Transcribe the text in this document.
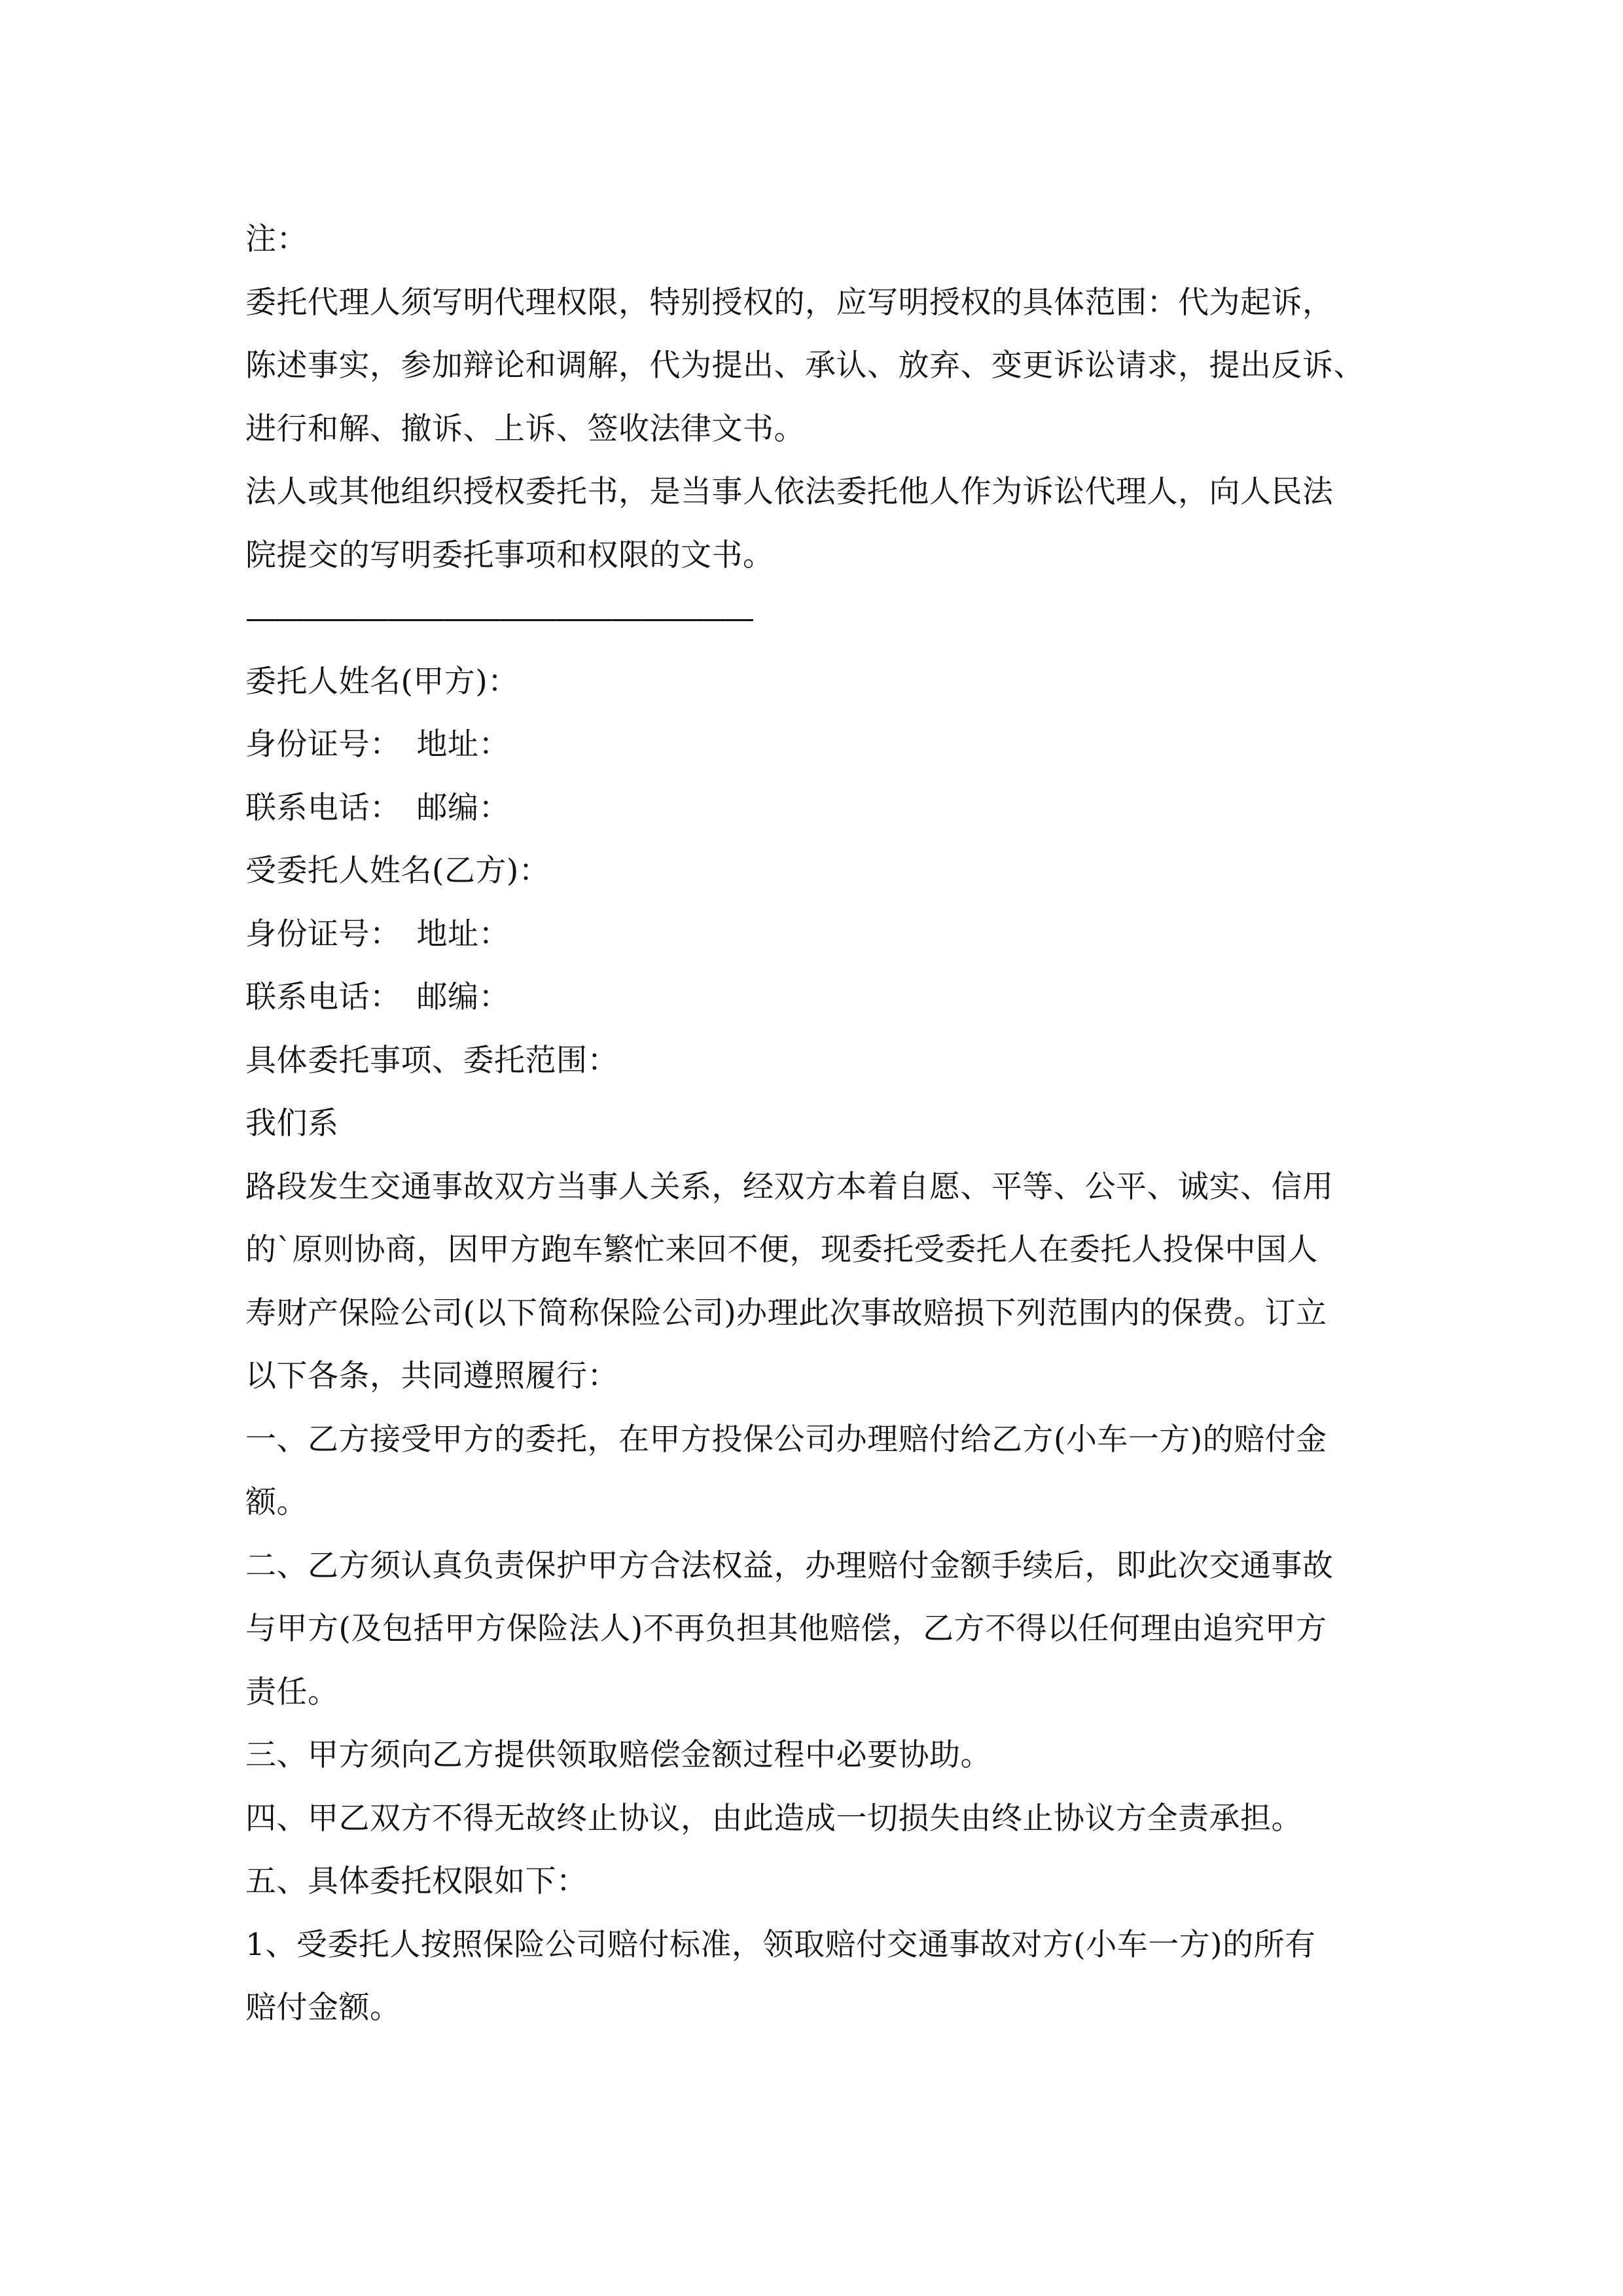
注：
委托代理人须写明代理权限，特别授权的，应写明授权的具体范围：代为起诉，
陈述事实，参加辩论和调解，代为提出、承认、放弃、变更诉讼请求，提出反诉、
进行和解、撤诉、上诉、签收法律文书。
法人或其他组织授权委托书，是当事人依法委托他人作为诉讼代理人，向人民法
院提交的写明委托事项和权限的文书。
——————————————————
委托人姓名(甲方)：
身份证号：　地址：
联系电话：　邮编：
受委托人姓名(乙方)：
身份证号：　地址：
联系电话：　邮编：
具体委托事项、委托范围：
我们系
路段发生交通事故双方当事人关系，经双方本着自愿、平等、公平、诚实、信用
的`原则协商，因甲方跑车繁忙来回不便，现委托受委托人在委托人投保中国人
寿财产保险公司(以下简称保险公司)办理此次事故赔损下列范围内的保费。订立
以下各条，共同遵照履行：
一、乙方接受甲方的委托，在甲方投保公司办理赔付给乙方(小车一方)的赔付金
额。
二、乙方须认真负责保护甲方合法权益，办理赔付金额手续后，即此次交通事故
与甲方(及包括甲方保险法人)不再负担其他赔偿，乙方不得以任何理由追究甲方
责任。
三、甲方须向乙方提供领取赔偿金额过程中必要协助。
四、甲乙双方不得无故终止协议，由此造成一切损失由终止协议方全责承担。
五、具体委托权限如下：
1、受委托人按照保险公司赔付标准，领取赔付交通事故对方(小车一方)的所有
赔付金额。
